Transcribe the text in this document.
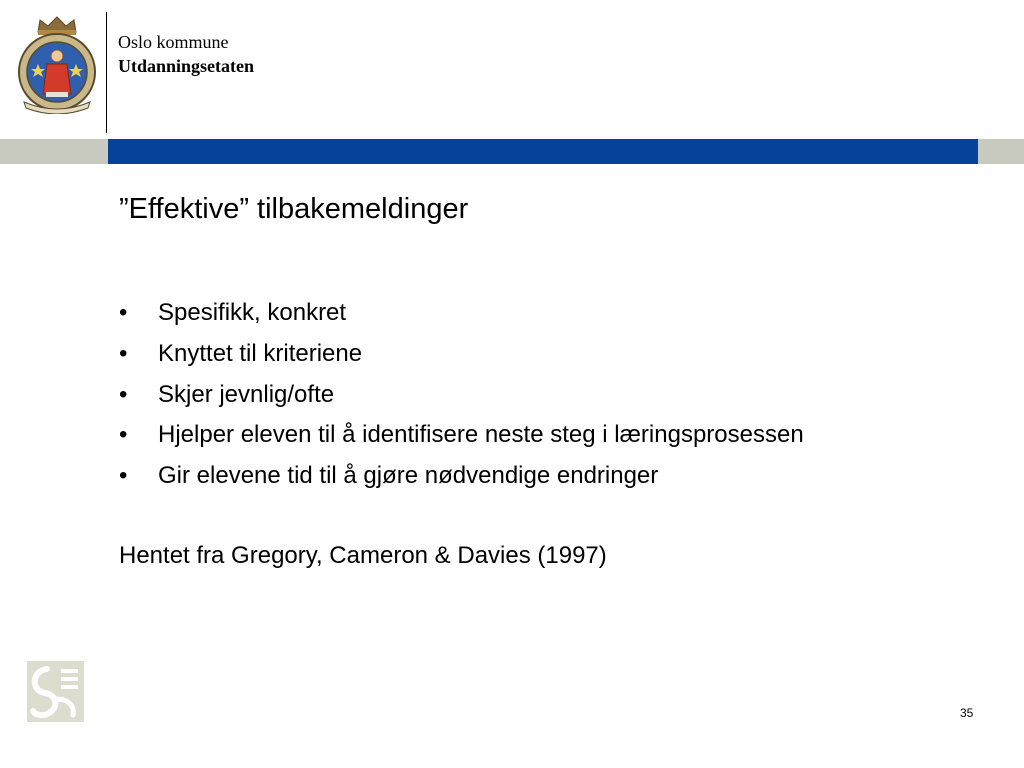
Oslo kommune
Utdanningsetaten
”Effektive” tilbakemeldinger
• Spesifikk, konkret
• Knyttet til kriteriene
• Skjer jevnlig/ofte
• Hjelper eleven til å identifisere neste steg i læringsprosessen
• Gir elevene tid til å gjøre nødvendige endringer
Hentet fra Gregory, Cameron & Davies (1997)
35
